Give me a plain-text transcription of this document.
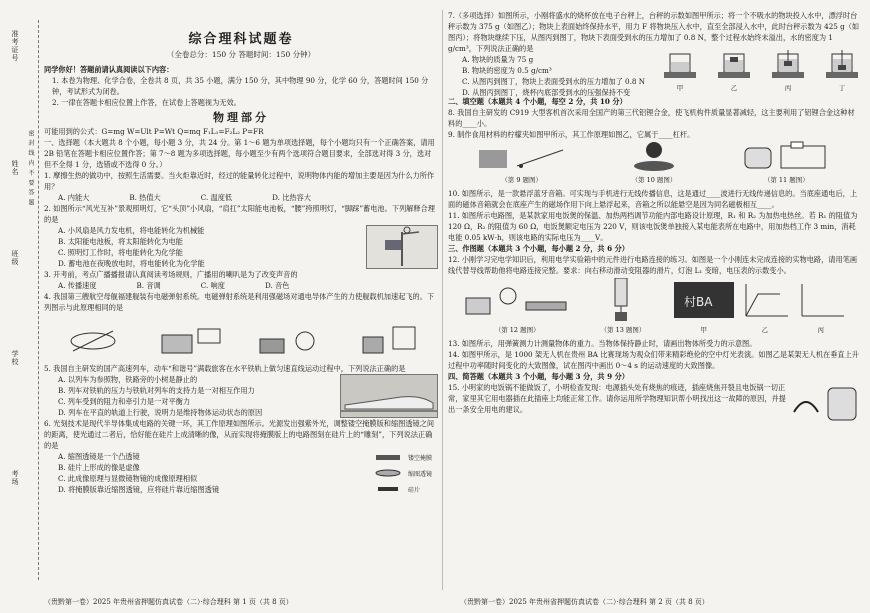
准考证号
姓名
班级
学校
考场
密 封 线 内 不 要 答 题
综合理科试题卷
（全卷总分：150 分 答题时间：150 分钟）

同学你好！答题前请认真阅读以下内容：

1. 本卷为物理、化学合卷，全卷共 8 页，共 35 小题，满分 150 分，其中物理 90 分，化学 60 分，答题时间 150 分钟，考试形式为闭卷。

2. 一律在答题卡相应位置上作答，在试卷上答题视为无效。

物理部分

可能用到的公式：G=mg W=Ult P=Wt Q=mq F₁L₁=F₂L₂ P=FR

一、选择题（本大题共 8 个小题，每小题 3 分，共 24 分。第 1～6 题为单项选择题，每个小题均只有一个正确答案，请用 2B 铅笔在答题卡相应位置作答；第 7～8 题为多项选择题，每小题至少有两个选项符合题目要求，全部选对得 3 分，选对但不全得 1 分，选错或不选得 0 分。）

1. 摩擦生热的做功中，按照生活需要。当火炬靠近时，经过的能量转化过程中，说明物体内能的增加主要是因为什么力所作用？

A. 内能大	B. 热值大	C. 温度低	D. 比热容大

2. 如图所示“风光互补”景观照明灯，它“头顶”小风扇，“肩扛”太阳能电池板，“腰”挎照明灯，“脚踩”蓄电池。下列解释合理的是

A. 小风扇是风力发电机，将电能转化为机械能

B. 太阳能电池板，将太阳能转化为电能

C. 照明灯工作时，将电能转化为化学能

D. 蓄电池在夜晚放电时，将电能转化为化学能

3. 开考前，考点广播播报请认真阅读考场规则，广播用的喇叭是为了改变声音的

A. 传播速度	B. 音调	C. 响度	D. 音色

4. 我国第三艘航空母舰福建舰装有电磁弹射系统。电磁弹射系统是利用强磁场对通电导体产生的力使舰载机加速起飞的。下列图示与此原理相同的是

5. 我国自主研发的国产高速列车，动车“和谐号”满载旅客在水平铁轨上做匀速直线运动过程中，下列说法正确的是

A. 以列车为参照物，铁路旁的小树是静止的

B. 列车对铁轨的压力与铁轨对列车的支持力是一对相互作用力

C. 列车受到的阻力和牵引力是一对平衡力

D. 列车在平直的轨道上行驶，说明力是维持物体运动状态的原因

6. 光刻技术是现代半导体集成电路的关键一环，其工作原理如图所示。光源发出强紫外光，调整镂空掩膜版和缩图透镜之间的距离，使光通过二者后，恰好能在硅片上成清晰的像，从而实现将掩膜版上的电路图刻在硅片上的“雕刻”，下列说法正确的是

A. 缩图透镜是一个凸透镜

B. 硅片上形成的像是虚像

C. 此成像原理与显微镜物镜的成像原理相似

D. 将掩膜版靠近缩图透镜，应将硅片靠近缩图透镜

镂空掩膜
缩图透镜
硅片
（贵黔第一卷）2025 年贵州省押题仿真试卷（二）·综合理科 第 1 页（共 8 页）

7.（多项选择）如图所示，小刚将盛水的烧杯放在电子台秤上，台秤的示数如图甲所示；将一个不吸水的物块投入水中，漂浮时台秤示数为 375 g（如图乙）；物块上表面始终保持水平，用力 F 将物块压入水中，直至全部浸入水中，此时台秤示数为 425 g（如图丙）；将物块继续下压，从图丙到图丁，物块下表面受到水的压力增加了 0.8 N，整个过程水始终未溢出，水的密度为 1 g/cm³，下列说法正确的是

A. 物块的质量为 75 g

B. 物块的密度为 0.5 g/cm³

C. 从图丙到图丁，物块上表面受到水的压力增加了 0.8 N

D. 从图丙到图丁，烧杯内底部受到水的压强保持不变	甲	乙	丙	丁

二、填空题（本题共 4 个小题，每空 2 分，共 10 分）

8. 我国自主研发的 C919 大型客机首次采用全国产的第三代铝锂合金，使飞机构件质量显著减轻，这主要利用了铝锂合金这种材料的____小。

9. 制作食用材料的柠檬夹如图甲所示，其工作原理如图乙，它属于____杠杆。

（第 9 题图）	（第 10 题图）	（第 11 题图）

10. 如图所示，是一款悬浮蓝牙音箱。可实现与手机进行无线传播信息，这是通过____波进行无线传递信息的。当底座通电后，上面的磁体音箱就会在底座产生的磁场作用下向上悬浮起来，音箱之所以能悬空是因为同名磁极相互____。

11. 如图所示电路图，是某款家用电饭煲的保温、加热两档调节功能内部电路设计原理，R₁ 和 R₂ 为加热电热丝。若 R₁ 的阻值为 120 Ω，R₂ 的阻值为 60 Ω，电饭煲额定电压为 220 V，则该电饭煲单独接入某电能表所在电路中，用加热档工作 3 min，消耗电能 0.05 kW·h，则该电路的实际电压为____V。

三、作图题（本题共 3 个小题，每小题 2 分，共 6 分）

12. 小刚学习完电学知识后，利用电学实验箱中的元件进行电路连接的练习。如图是一个小刚连未完成连接的实物电路，请用笔画线代替导线帮助他将电路连接完整。要求：向右移动滑动变阻器的滑片，灯泡 L₁ 变暗，电压表的示数变小。

（第 12 题图）	（第 13 题图）
村BA
甲	乙	丙

13. 如图所示，用弹簧测力计测量物体的重力。当物体保持静止时，请画出物体所受力的示意图。

14. 如图甲所示，是 1000 架无人机在贵州 BA 比赛现场为观众们带来精彩绝伦的空中灯光表演。如图乙是某架无人机在垂直上升过程中功率随时间变化的大致图像，试在图丙中画出 0～4 s 的运动速度的大致图像。

四、简答题（本题共 3 个小题，每小题 3 分，共 9 分）

15. 小明家的电饭锅不能做饭了，小明检查发现：电源插头处有烧焦的痕迹，插座烧焦开裂且电饭锅一切正常，家里其它用电器插在此插座上均能正常工作。请你运用所学物理知识帮小明找出这一故障的原因，并提出一条安全用电的建议。

（贵黔第一卷）2025 年贵州省押题仿真试卷（二）·综合理科 第 2 页（共 8 页）
